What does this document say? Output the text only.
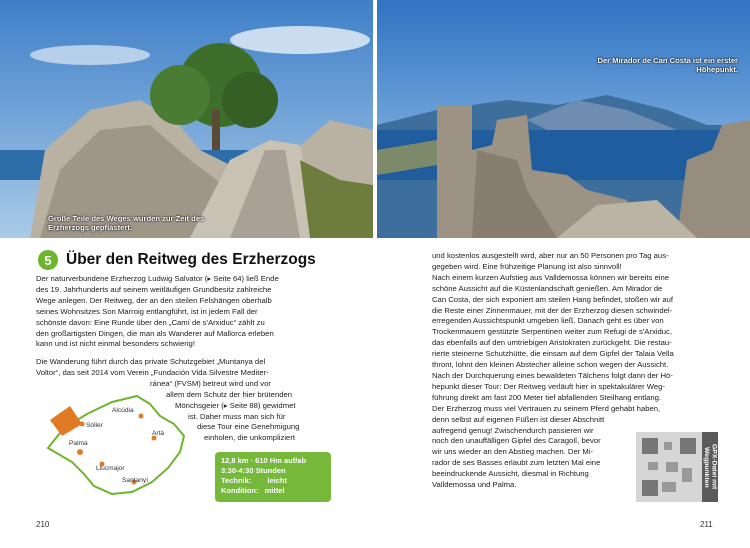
Große Teile des Weges wurden zur Zeit des Erzherzogs gepflastert.
Der Mirador de Can Costa ist ein erster Höhepunkt.
5 Über den Reitweg des Erzherzogs

Der naturverbundene Erzherzog Ludwig Salvator (▸ Seite 64) ließ Ende

des 19. Jahrhunderts auf seinem weitläufigen Grundbesitz zahlreiche

Wege anlegen. Der Reitweg, der an den steilen Felshängen oberhalb

seines Wohnsitzes Son Marroig entlangführt, ist in jedem Fall der

schönste davon: Eine Runde über den „Camí de s'Arxiduc“ zählt zu

den großartigsten Dingen, die man als Wanderer auf Mallorca erleben

kann und ist nicht einmal besonders schwierig!

Die Wanderung führt durch das private Schutzgebiet „Muntanya del

Voltor“, das seit 2014 vom Verein „Fundación Vida Silvestre Mediter-

ránea“ (FVSM) betreut wird und vor

allem dem Schutz der hier brütenden

Mönchsgeier (▸ Seite 88) gewidmet

ist. Daher muss man sich für

diese Tour eine Genehmigung

einholen, die unkompliziert

Alcúdia
Sóller
Artà
Palma
Llucmajor
Santanyí
12,8 km · 610 Hm auf/ab
3:30-4:30 Stunden
Technik: leicht
Kondition: mittel

und kostenlos ausgestellt wird, aber nur an 50 Personen pro Tag aus-

gegeben wird. Eine frühzeitige Planung ist also sinnvoll!

Nach einem kurzen Aufstieg aus Valldemossa können wir bereits eine

schöne Aussicht auf die Küstenlandschaft genießen. Am Mirador de

Can Costa, der sich exponiert am steilen Hang befindet, stoßen wir auf

die Reste einer Zinnenmauer, mit der der Erzherzog diesen schwindel-

erregenden Aussichtspunkt umgeben ließ. Danach geht es über von

Trockenmauern gestützte Serpentinen weiter zum Refugi de s'Arxiduc,

das ebenfalls auf den umtriebigen Aristokraten zurückgeht. Die restau-

rierte steinerne Schutzhütte, die einsam auf dem Gipfel der Talaia Vella

thront, lohnt den kleinen Abstecher alleine schon wegen der Aussicht.

Nach der Durchquerung eines bewaldeten Tälchens folgt dann der Hö-

hepunkt dieser Tour: Der Reitweg verläuft hier in spektakulärer Weg-

führung direkt am fast 200 Meter tief abfallenden Steilhang entlang.

Der Erzherzog muss viel Vertrauen zu seinem Pferd gehabt haben,

denn selbst auf eigenen Füßen ist dieser Abschnitt

aufregend genug! Zwischendurch passieren wir

noch den unauffälligen Gipfel des Caragolí, bevor

wir uns wieder an den Abstieg machen. Der Mi-

rador de ses Basses erlaubt zum letzten Mal eine

beeindruckende Aussicht, diesmal in Richtung

Valldemossa und Palma.	GPX-Datei mit Wegpunkten
210	211
